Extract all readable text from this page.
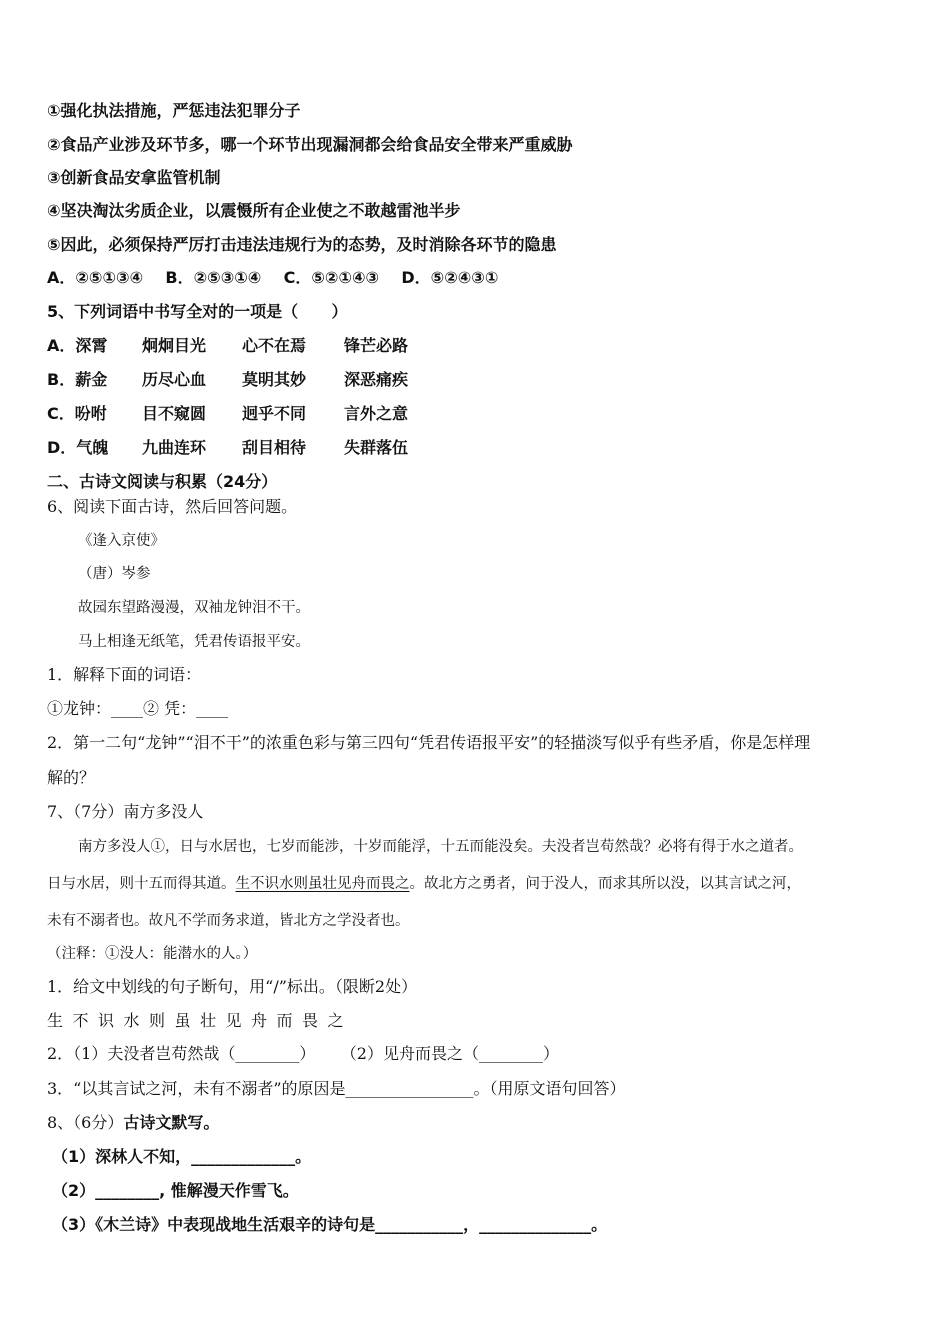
①强化执法措施，严惩违法犯罪分子
②食品产业涉及环节多，哪一个环节出现漏洞都会给食品安全带来严重威胁
③创新食品安拿监管机制
④坚决淘汰劣质企业，以震慑所有企业使之不敢越雷池半步
⑤因此，必须保持严厉打击违法违规行为的态势，及时消除各环节的隐患
A．②⑤①③④    B．②⑤③①④    C．⑤②①④③    D．⑤②④③①
5、下列词语中书写全对的一项是（      ）
A．深霄	炯炯目光	心不在焉	锋芒必路
B．薪金	历尽心血	莫明其妙	深恶痛疾
C．吩咐	目不窥圆	迥乎不同	言外之意
D．气魄	九曲连环	刮目相待	失群落伍
二、古诗文阅读与积累（24分）
6、阅读下面古诗，然后回答问题。
《逢入京使》
（唐）岑参
故园东望路漫漫，双袖龙钟泪不干。
马上相逢无纸笔，凭君传语报平安。
1．解释下面的词语：
①龙钟：____② 凭：____
2．第一二句“龙钟”“泪不干”的浓重色彩与第三四句“凭君传语报平安”的轻描淡写似乎有些矛盾，你是怎样理
解的？
7、（7分）南方多没人
南方多没人①，日与水居也，七岁而能涉，十岁而能浮，十五而能没矣。夫没者岂苟然哉？必将有得于水之道者。
日与水居，则十五而得其道。生不识水则虽壮见舟而畏之。故北方之勇者，问于没人，而求其所以没，以其言试之河，
未有不溺者也。故凡不学而务求道，皆北方之学没者也。
（注释：①没人：能潜水的人。）
1．给文中划线的句子断句，用“/”标出。（限断2处）
生 不 识 水 则 虽 壮 见 舟 而 畏 之
2．（1）夫没者岂苟然哉（________）     （2）见舟而畏之（________）
3．“以其言试之河，未有不溺者”的原因是________________。（用原文语句回答）
8、（6分）古诗文默写。
（1）深林人不知，_____________。
（2）________, 惟解漫天作雪飞。
（3）《木兰诗》中表现战地生活艰辛的诗句是___________，______________。
